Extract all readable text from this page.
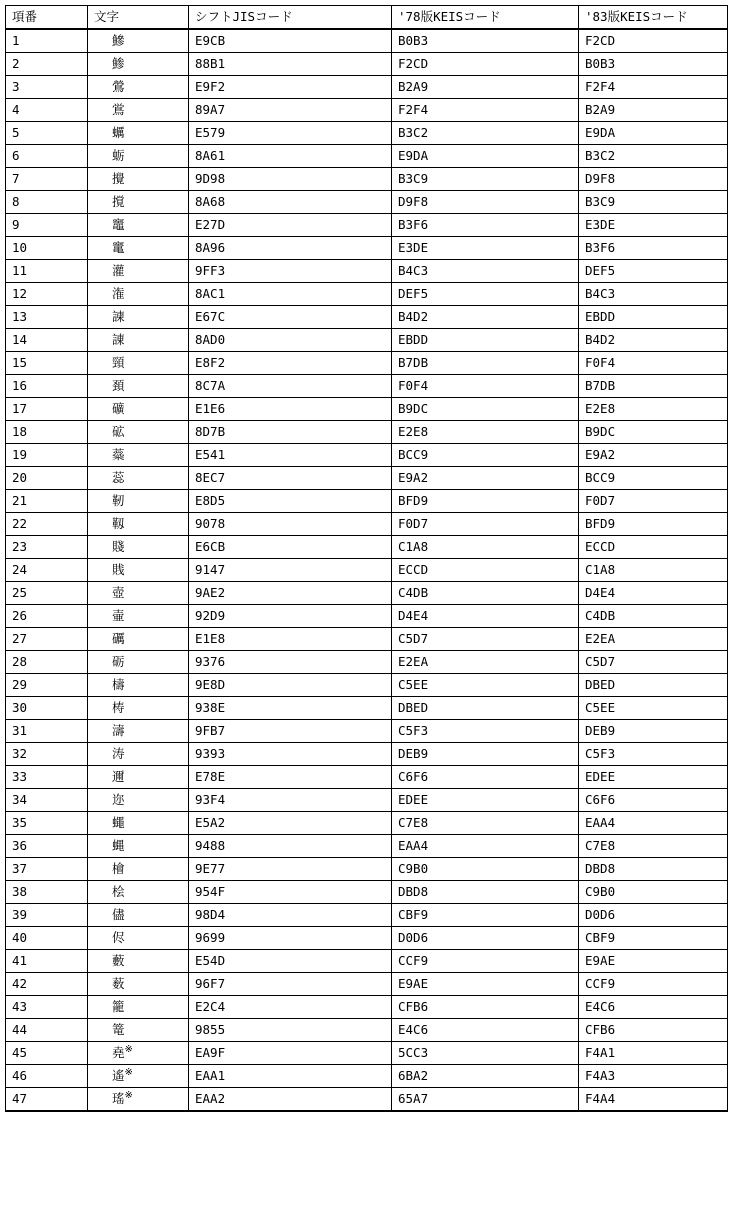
項番	文字	シフトJISコード	'78版KEISコード	'83版KEISコード
1	鰺	E9CB	B0B3	F2CD
2	鯵	88B1	F2CD	B0B3
3	鶯	E9F2	B2A9	F2F4
4	鴬	89A7	F2F4	B2A9
5	蠣	E579	B3C2	E9DA
6	蛎	8A61	E9DA	B3C2
7	攪	9D98	B3C9	D9F8
8	撹	8A68	D9F8	B3C9
9	竈	E27D	B3F6	E3DE
10	竃	8A96	E3DE	B3F6
11	灌	9FF3	B4C3	DEF5
12	潅	8AC1	DEF5	B4C3
13	諫	E67C	B4D2	EBDD
14	諌	8AD0	EBDD	B4D2
15	頸	E8F2	B7DB	F0F4
16	頚	8C7A	F0F4	B7DB
17	礦	E1E6	B9DC	E2E8
18	砿	8D7B	E2E8	B9DC
19	蘂	E541	BCC9	E9A2
20	蕊	8EC7	E9A2	BCC9
21	靭	E8D5	BFD9	F0D7
22	靱	9078	F0D7	BFD9
23	賤	E6CB	C1A8	ECCD
24	賎	9147	ECCD	C1A8
25	壺	9AE2	C4DB	D4E4
26	壷	92D9	D4E4	C4DB
27	礪	E1E8	C5D7	E2EA
28	砺	9376	E2EA	C5D7
29	檮	9E8D	C5EE	DBED
30	梼	938E	DBED	C5EE
31	濤	9FB7	C5F3	DEB9
32	涛	9393	DEB9	C5F3
33	邇	E78E	C6F6	EDEE
34	迩	93F4	EDEE	C6F6
35	蠅	E5A2	C7E8	EAA4
36	蝿	9488	EAA4	C7E8
37	檜	9E77	C9B0	DBD8
38	桧	954F	DBD8	C9B0
39	儘	98D4	CBF9	D0D6
40	侭	9699	D0D6	CBF9
41	藪	E54D	CCF9	E9AE
42	薮	96F7	E9AE	CCF9
43	籠	E2C4	CFB6	E4C6
44	篭	9855	E4C6	CFB6
45	堯※	EA9F	5CC3	F4A1
46	遙※	EAA1	6BA2	F4A3
47	瑤※	EAA2	65A7	F4A4
